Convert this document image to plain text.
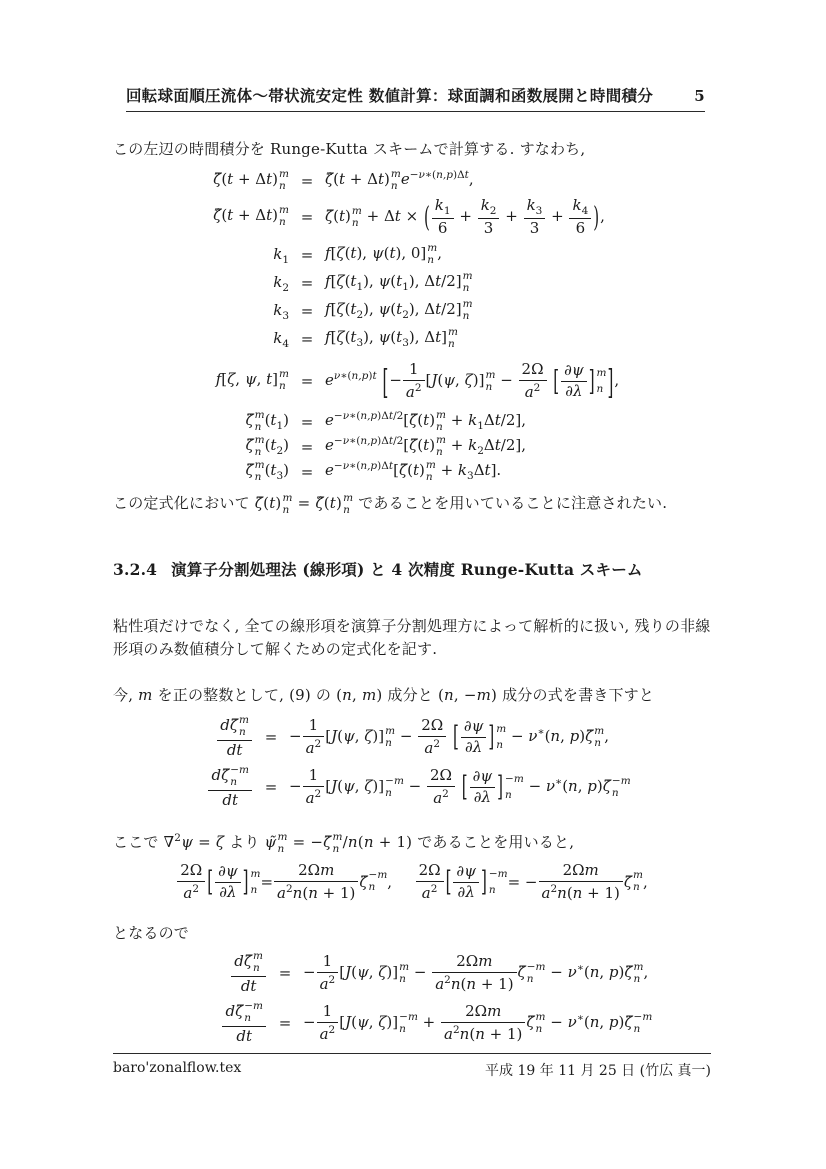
回転球面順圧流体～帯状流安定性 数値計算：球面調和函数展開と時間積分	5
この左辺の時間積分を Runge-Kutta スキームで計算する. すなわち,
ζ̃(t + Δt) m
n = ζ̂(t + Δt) m
n $e^{-\nu∗(n,p)\Delta t}$,
ζ̂(t + Δt) m
n = ζ̃(t) m
n + Δt × ( $\frac{k_1}{6} + \frac{k_2}{3} + \frac{k_3}{3} + \frac{k_4}{6}$ ),
$k_1 = f[\zeta(t)$, ψ(t), 0] m
n ,
$k_2 = f[\zeta(t_1)$, $\psi(t_1)$, Δt/2] m
n
$k_3 = f[\zeta(t_2)$, $\psi(t_2)$, Δt/2] m
n
$k_4 = f[\zeta(t_3)$, $\psi(t_3)$, Δt] m
n
f[ζ, ψ, t] m
$n = e^{\nu∗(n,p)t}$ [− $\frac{1}{a^2} [J(\psi$, ζ)] m
$n - \frac{2\Omega}{a^2}$ [ $\frac{\partial\psi}{\partial\lambda}$ ] m
n ],
ζ̃ m
n $(t_1)$ = $e^{-\nu∗(n,p)\Delta t/2}[\zetã(t)$ m
$n + k_1\Delta t/2$],
ζ̃ m
n $(t_2)$ = $e^{-\nu∗(n,p)\Delta t/2}[\zetã(t)$ m
$n + k_2\Delta t/2$],
ζ̃ m
n $(t_3)$ = $e^{-\nu∗(n,p)\Delta t}[\zetã(t)$ m
$n + k_3\Delta t$].
この定式化において ζ̃(t) m
n = ζ̂(t) m
n であることを用いていることに注意されたい.
3.2.4 演算子分割処理法 (線形項) と 4 次精度 Runge-Kutta スキーム
粘性項だけでなく, 全ての線形項を演算子分割処理方によって解析的に扱い, 残りの非線形項のみ数値積分して解くための定式化を記す.
今, m を正の整数として, (9) の (n, m) 成分と (n, −m) 成分の式を書き下すと
dζ̃ m
n
dt = − $\frac{1}{a^2} [J(\psi$, ζ)] m
$n - \frac{2\Omega}{a^2}$ [ $\frac{\partial\psi}{\partial\lambda}$ ] m
n − ν∗(n, p)ζ̃ m
n ,
dζ̃ −m
n
dt = − $\frac{1}{a^2} [J(\psi$, ζ)] −m
$n - \frac{2\Omega}{a^2}$ [ $\frac{\partial\psi}{\partial\lambda}$ ] −m
n − ν∗(n, p)ζ̃ −m
n
ここで ∇$^2$ψ = ζ より ψ̃ m
n = −ζ̃ m
n /n(n + 1) であることを用いると,
2Ω
$a^2$ [ ∂ψ
∂λ ] m
n =
2Ωm
$a^2n(n + 1)$
ζ̃ −m
n ,  
2Ω
$a^2$ [ ∂ψ
∂λ ] −m
n = −
2Ωm
$a^2n(n + 1)$
ζ̃ m
n ,
となるので
dζ̃ m
n
dt = − $\frac{1}{a^2} [J(\psi$, ζ)] m
$n - \frac{2\Omega m}{a^2n(n + 1)}$ ζ̃ −m
n − ν∗(n, p)ζ̃ m
n ,
dζ̃ −m
n
dt = − $\frac{1}{a^2} [J(\psi$, ζ)] −m
$n + \frac{2\Omega m}{a^2n(n + 1)}$ ζ̃ m
n − ν∗(n, p)ζ̃ −m
n
baro'zonalflow.tex	平成 19 年 11 月 25 日 (竹広 真一)
